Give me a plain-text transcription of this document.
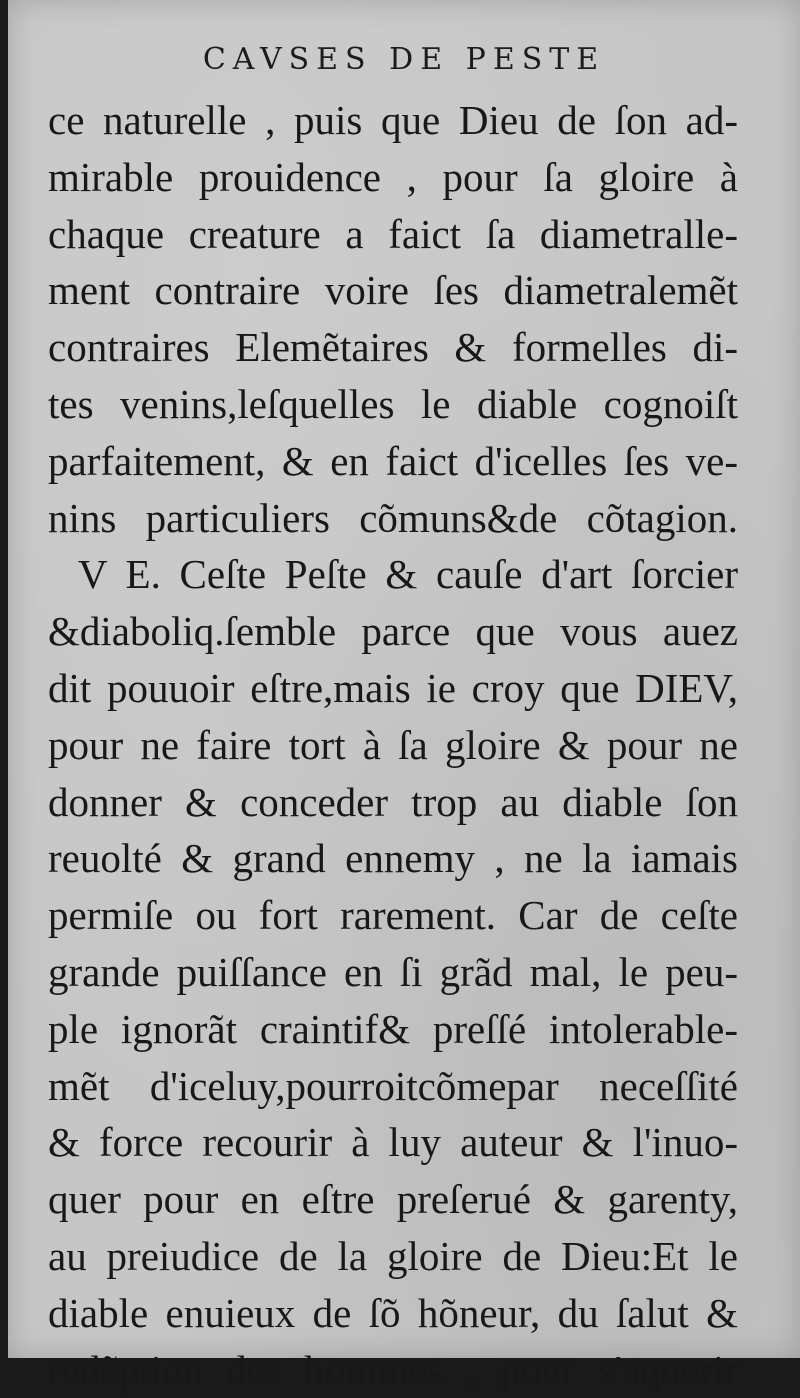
CAVSES DE PESTE
ce naturelle , puis que Dieu de ſon ad-
mirable prouidence , pour ſa gloire à
chaque creature a faict ſa diametralle-
ment contraire voire ſes diametralemẽt
contraires Elemẽtaires & formelles di-
tes venins,leſquelles le diable cognoiſt
parfaitement, & en faict d'icelles ſes ve-
nins particuliers cõmuns&de cõtagion.
V E. Ceſte Peſte & cauſe d'art ſorcier
&diaboliq.ſemble parce que vous auez
dit pouuoir eſtre,mais ie croy que DIEV,
pour ne faire tort à ſa gloire & pour ne
donner & conceder trop au diable ſon
reuolté & grand ennemy , ne la iamais
permiſe ou fort rarement. Car de ceſte
grande puiſſance en ſi grãd mal, le peu-
ple ignorãt craintif& preſſé intolerable-
mẽt d'iceluy,pourroitcõmepar neceſſité
& force recourir à luy auteur & l'inuo-
quer pour en eſtre preſerué & garenty,
au preiudice de la gloire de Dieu:Et le
diable enuieux de ſõ hõneur, du ſalut &
redẽption des hommes , pour s'aquerir
